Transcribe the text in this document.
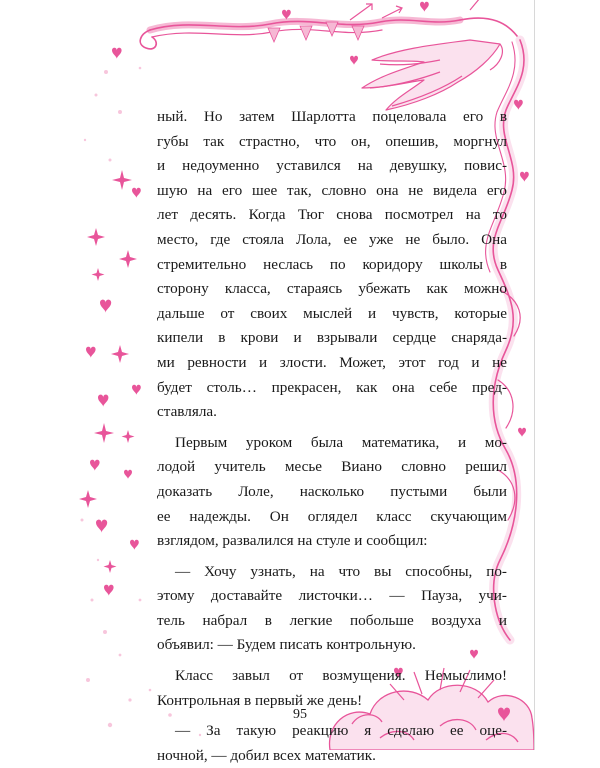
ный. Но затем Шарлотта поцеловала его в
губы так страстно, что он, опешив, моргнул
и недоуменно уставился на девушку, повис-
шую на его шее так, словно она не видела его
лет десять. Когда Тюг снова посмотрел на то
место, где стояла Лола, ее уже не было. Она
стремительно неслась по коридору школы в
сторону класса, стараясь убежать как можно
дальше от своих мыслей и чувств, которые
кипели в крови и взрывали сердце снаряда-
ми ревности и злости. Может, этот год и не
будет столь… прекрасен, как она себе пред-
ставляла.
Первым уроком была математика, и мо-
лодой учитель месье Виано словно решил
доказать Лоле, насколько пустыми были
ее надежды. Он оглядел класс скучающим
взглядом, развалился на стуле и сообщил:
— Хочу узнать, на что вы способны, по-
этому доставайте листочки… — Пауза, учи-
тель набрал в легкие побольше воздуха и
объявил: — Будем писать контрольную.
Класс завыл от возмущения. Немыслимо!
Контрольная в первый же день!
— За такую реакцию я сделаю ее оце-
ночной, — добил всех математик.
95
